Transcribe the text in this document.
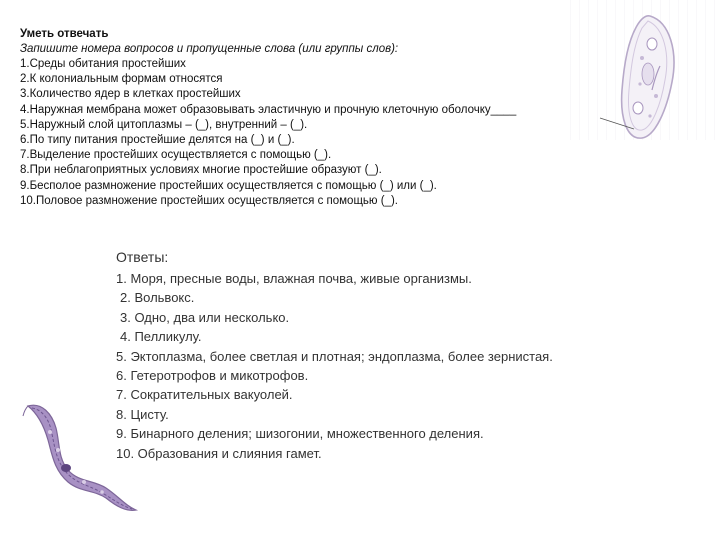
Уметь отвечать

Запишите номера вопросов и пропущенные слова (или группы слов):

1.Среды обитания простейших
2.К колониальным формам относятся
3.Количество ядер в клетках простейших
4.Наружная мембрана может образовывать эластичную и прочную клеточную оболочку____
5.Наружный слой цитоплазмы – (_), внутренний – (_).
6.По типу питания простейшие делятся на (_) и (_).
7.Выделение простейших осуществляется с помощью (_).
8.При неблагоприятных условиях многие простейшие образуют (_).
9.Бесполое размножение простейших осуществляется с помощью (_) или (_).
10.Половое размножение простейших осуществляется с помощью (_).

Ответы:

1. Моря, пресные воды, влажная почва, живые организмы.
2. Вольвокс.
3. Одно, два или несколько.
4. Пелликулу.
5. Эктоплазма, более светлая и плотная; эндоплазма, более зернистая.
6. Гетеротрофов и микотрофов.
7. Сократительных вакуолей.
8. Цисту.
9. Бинарного деления; шизогонии, множественного деления.
10. Образования и слияния гамет.
